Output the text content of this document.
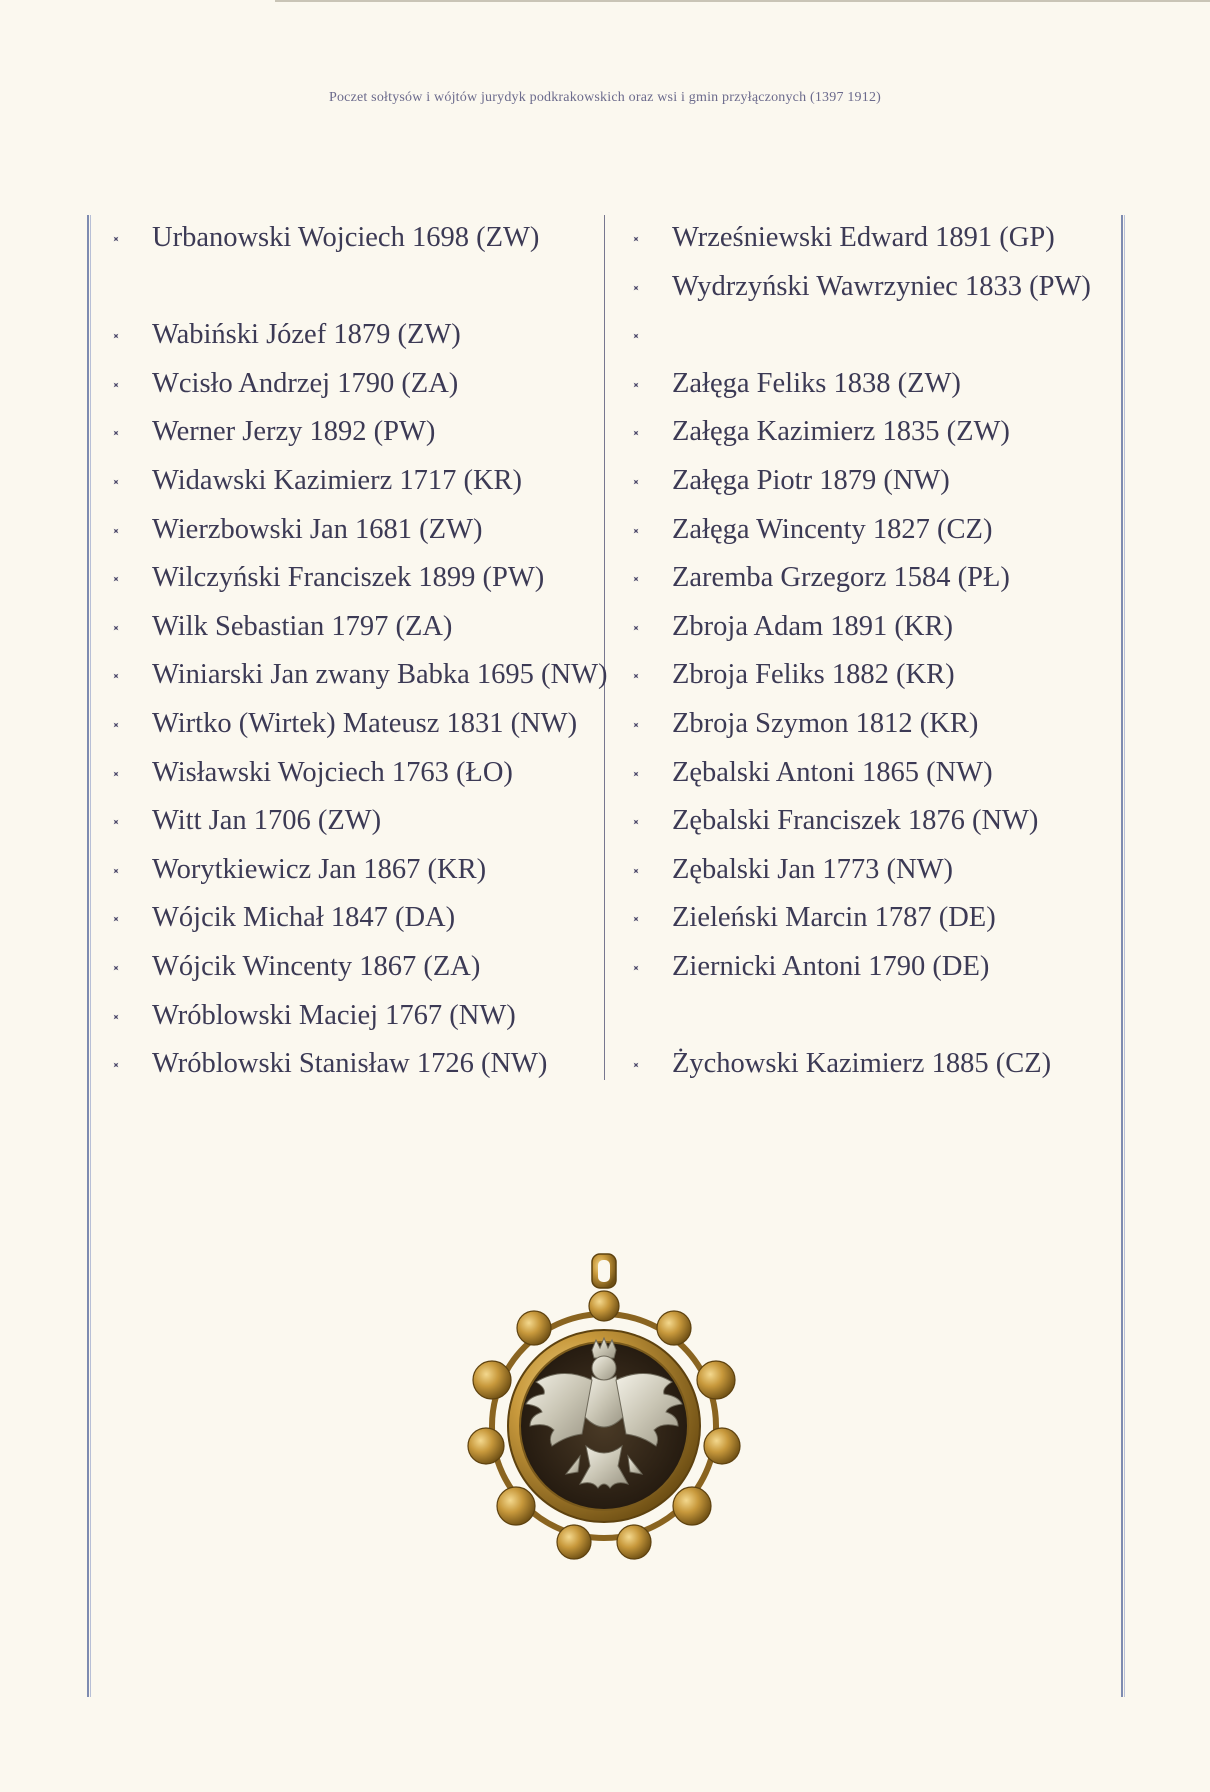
Poczet sołtysów i wójtów jurydyk podkrakowskich oraz wsi i gmin przyłączonych (1397 1912)
Urbanowski Wojciech 1698 (ZW)
Wabiński Józef 1879 (ZW)
Wcisło Andrzej 1790 (ZA)
Werner Jerzy 1892 (PW)
Widawski Kazimierz 1717 (KR)
Wierzbowski Jan 1681 (ZW)
Wilczyński Franciszek 1899 (PW)
Wilk Sebastian 1797 (ZA)
Winiarski Jan zwany Babka 1695 (NW)
Wirtko (Wirtek) Mateusz 1831 (NW)
Wisławski Wojciech 1763 (ŁO)
Witt Jan 1706 (ZW)
Worytkiewicz Jan 1867 (KR)
Wójcik Michał 1847 (DA)
Wójcik Wincenty 1867 (ZA)
Wróblowski Maciej 1767 (NW)
Wróblowski Stanisław 1726 (NW)
Wrześniewski Edward 1891 (GP)
Wydrzyński Wawrzyniec 1833 (PW)
Załęga Feliks 1838 (ZW)
Załęga Kazimierz 1835 (ZW)
Załęga Piotr 1879 (NW)
Załęga Wincenty 1827 (CZ)
Zaremba Grzegorz 1584 (PŁ)
Zbroja Adam 1891 (KR)
Zbroja Feliks 1882 (KR)
Zbroja Szymon 1812 (KR)
Zębalski Antoni 1865 (NW)
Zębalski Franciszek 1876 (NW)
Zębalski Jan 1773 (NW)
Zieleński Marcin 1787 (DE)
Ziernicki Antoni 1790 (DE)
Żychowski Kazimierz 1885 (CZ)
